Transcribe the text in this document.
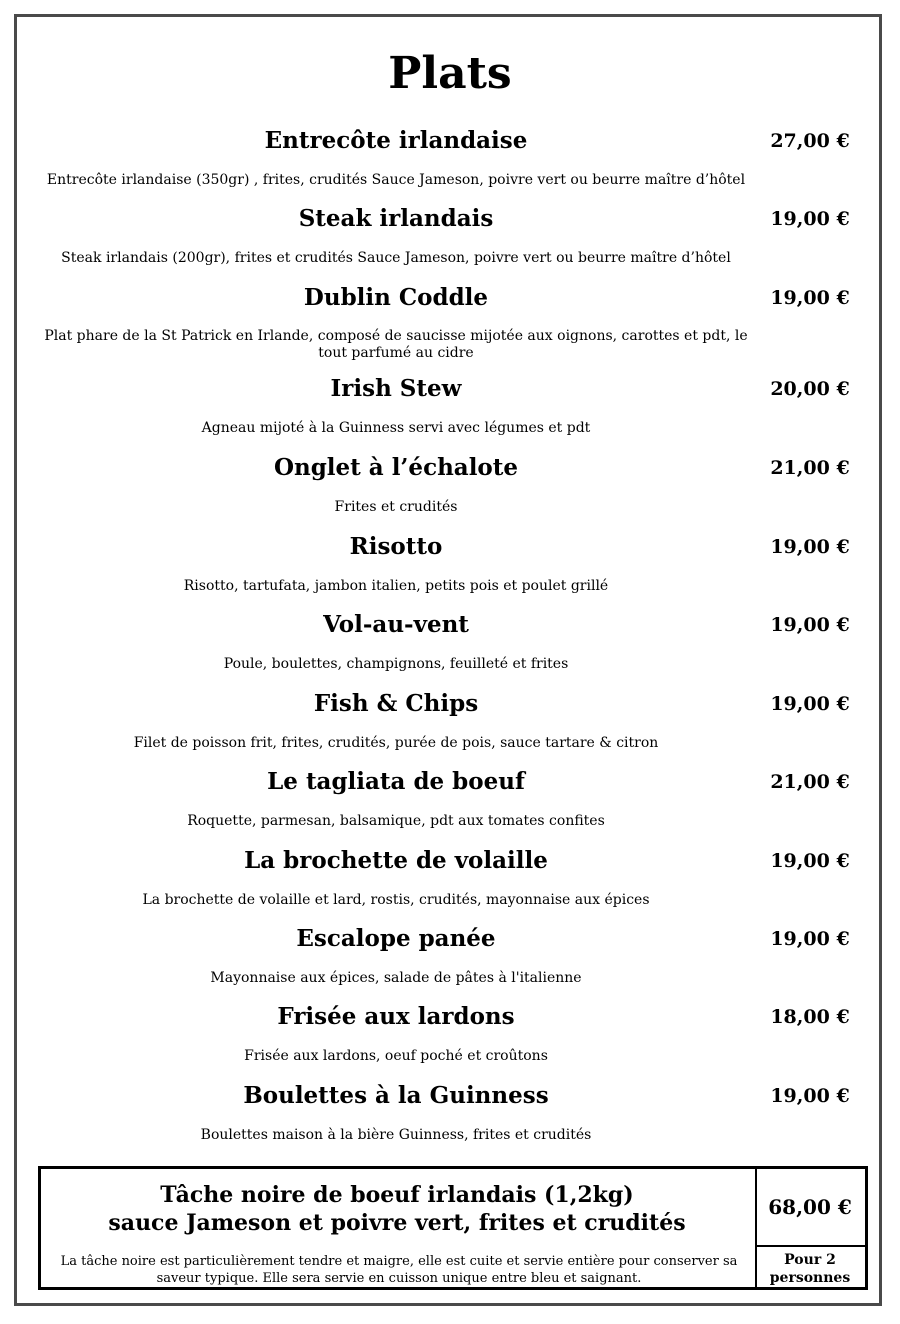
Plats
Entrecôte irlandaise	27,00 €
Entrecôte irlandaise (350gr) , frites, crudités Sauce Jameson, poivre vert ou beurre maître d’hôtel
Steak irlandais	19,00 €
Steak irlandais (200gr), frites et crudités Sauce Jameson, poivre vert ou beurre maître d’hôtel
Dublin Coddle	19,00 €
Plat phare de la St Patrick en Irlande, composé de saucisse mijotée aux oignons, carottes et pdt, le tout parfumé au cidre
Irish Stew	20,00 €
Agneau mijoté à la Guinness servi avec légumes et pdt
Onglet à l’échalote	21,00 €
Frites et crudités
Risotto	19,00 €
Risotto, tartufata, jambon italien, petits pois et poulet grillé
Vol-au-vent	19,00 €
Poule, boulettes, champignons, feuilleté et frites
Fish & Chips	19,00 €
Filet de poisson frit, frites, crudités, purée de pois, sauce tartare & citron
Le tagliata de boeuf	21,00 €
Roquette, parmesan, balsamique, pdt aux tomates confites
La brochette de volaille	19,00 €
La brochette de volaille et lard, rostis, crudités, mayonnaise aux épices
Escalope panée	19,00 €
Mayonnaise aux épices, salade de pâtes à l'italienne
Frisée aux lardons	18,00 €
Frisée aux lardons, oeuf poché et croûtons
Boulettes à la Guinness	19,00 €
Boulettes maison à la bière Guinness, frites et crudités
Tâche noire de boeuf irlandais (1,2kg)
sauce Jameson et poivre vert, frites et crudités
68,00 €
La tâche noire est particulièrement tendre et maigre, elle est cuite et servie entière pour conserver sa saveur typique. Elle sera servie en cuisson unique entre bleu et saignant.
Pour 2
personnes
